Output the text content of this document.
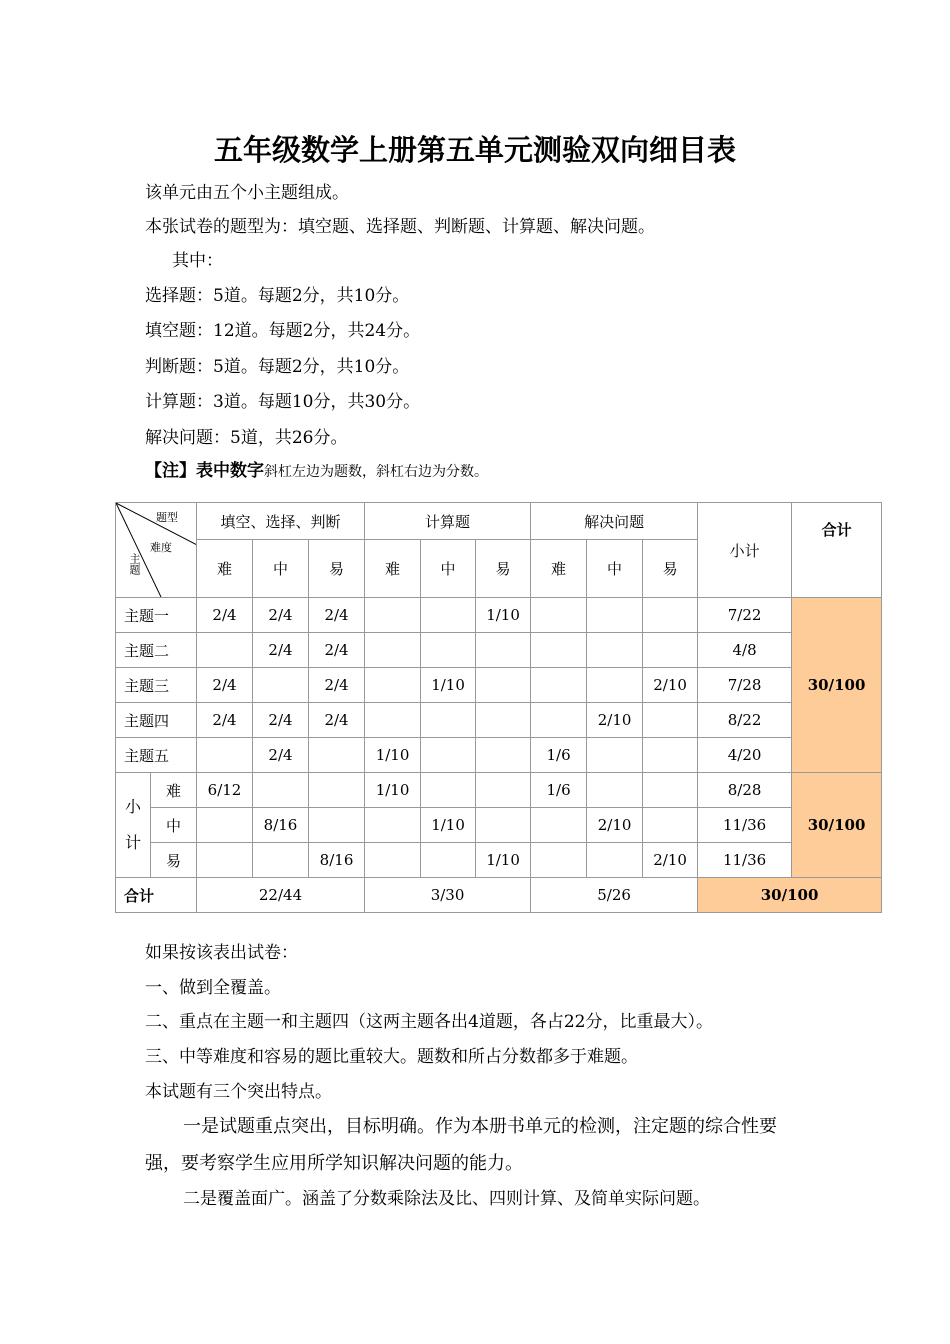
五年级数学上册第五单元测验双向细目表
该单元由五个小主题组成。
本张试卷的题型为：填空题、选择题、判断题、计算题、解决问题。
其中：
选择题：5道。每题2分，共10分。
填空题：12道。每题2分，共24分。
判断题：5道。每题2分，共10分。
计算题：3道。每题10分，共30分。
解决问题：5道，共26分。
【注】表中数字斜杠左边为题数，斜杠右边为分数。
题型
难度
主题		填空、选择、判断			计算题			解决问题			小计	合计
		难	中	易	难	中	易	难	中	易		
主题一		2/4	2/4	2/4			1/10				7/22	30/100
主题二			2/4	2/4							4/8	
主题三		2/4		2/4		1/10				2/10	7/28	
主题四		2/4	2/4	2/4					2/10		8/22	
主题五			2/4		1/10			1/6			4/20	
小
计	难	6/12			1/10			1/6			8/28	30/100
	中		8/16			1/10			2/10		11/36	
	易			8/16			1/10			2/10	11/36	
合计		22/44			3/30			5/26			30/100	
如果按该表出试卷：
一、做到全覆盖。
二、重点在主题一和主题四（这两主题各出4道题，各占22分，比重最大）。
三、中等难度和容易的题比重较大。题数和所占分数都多于难题。
本试题有三个突出特点。
一是试题重点突出，目标明确。作为本册书单元的检测，注定题的综合性要
强，要考察学生应用所学知识解决问题的能力。
二是覆盖面广。涵盖了分数乘除法及比、四则计算、及简单实际问题。
